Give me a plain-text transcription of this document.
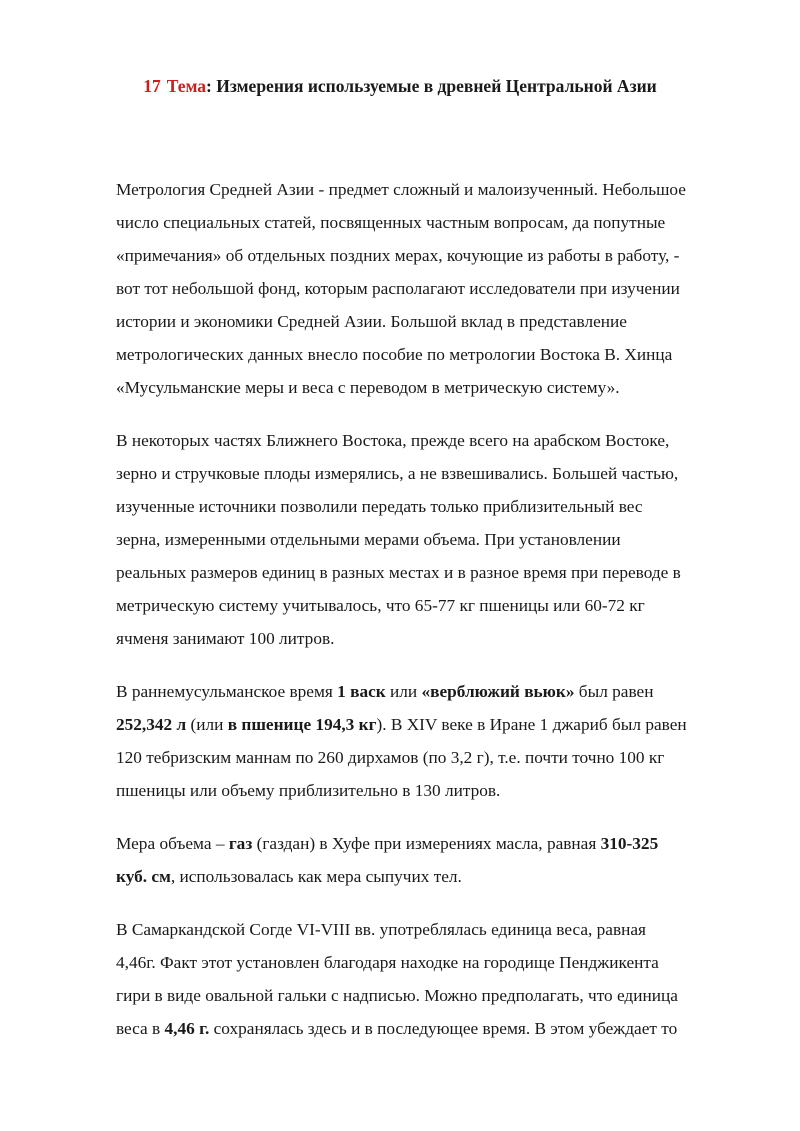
17 Тема: Измерения используемые в древней Центральной Азии
Метрология Средней Азии - предмет сложный и малоизученный. Небольшое
число специальных статей, посвященных частным вопросам, да попутные
«примечания» об отдельных поздних мерах, кочующие из работы в работу, -
вот тот небольшой фонд, которым располагают исследователи при изучении
истории и экономики Средней Азии. Большой вклад в представление
метрологических данных внесло пособие по метрологии Востока В. Хинца
«Мусульманские меры и веса с переводом в метрическую систему».
В некоторых частях Ближнего Востока, прежде всего на арабском Востоке,
зерно и стручковые плоды измерялись, а не взвешивались. Большей частью,
изученные источники позволили передать только приблизительный вес
зерна, измеренными отдельными мерами объема. При установлении
реальных размеров единиц в разных местах и в разное время при переводе в
метрическую систему учитывалось, что 65-77 кг пшеницы или 60-72 кг
ячменя занимают 100 литров.
В раннемусульманское время 1 васк или «верблюжий вьюк» был равен
252,342 л (или в пшенице 194,3 кг). В XIV веке в Иране 1 джариб был равен
120 тебризским маннам по 260 дирхамов (по 3,2 г), т.е. почти точно 100 кг
пшеницы или объему приблизительно в 130 литров.
Мера объема – газ (газдан) в Хуфе при измерениях масла, равная 310-325
куб. см, использовалась как мера сыпучих тел.
В Самаркандской Согде VI-VIII вв. употреблялась единица веса, равная
4,46г. Факт этот установлен благодаря находке на городище Пенджикента
гири в виде овальной гальки с надписью. Можно предполагать, что единица
веса в 4,46 г. сохранялась здесь и в последующее время. В этом убеждает то
